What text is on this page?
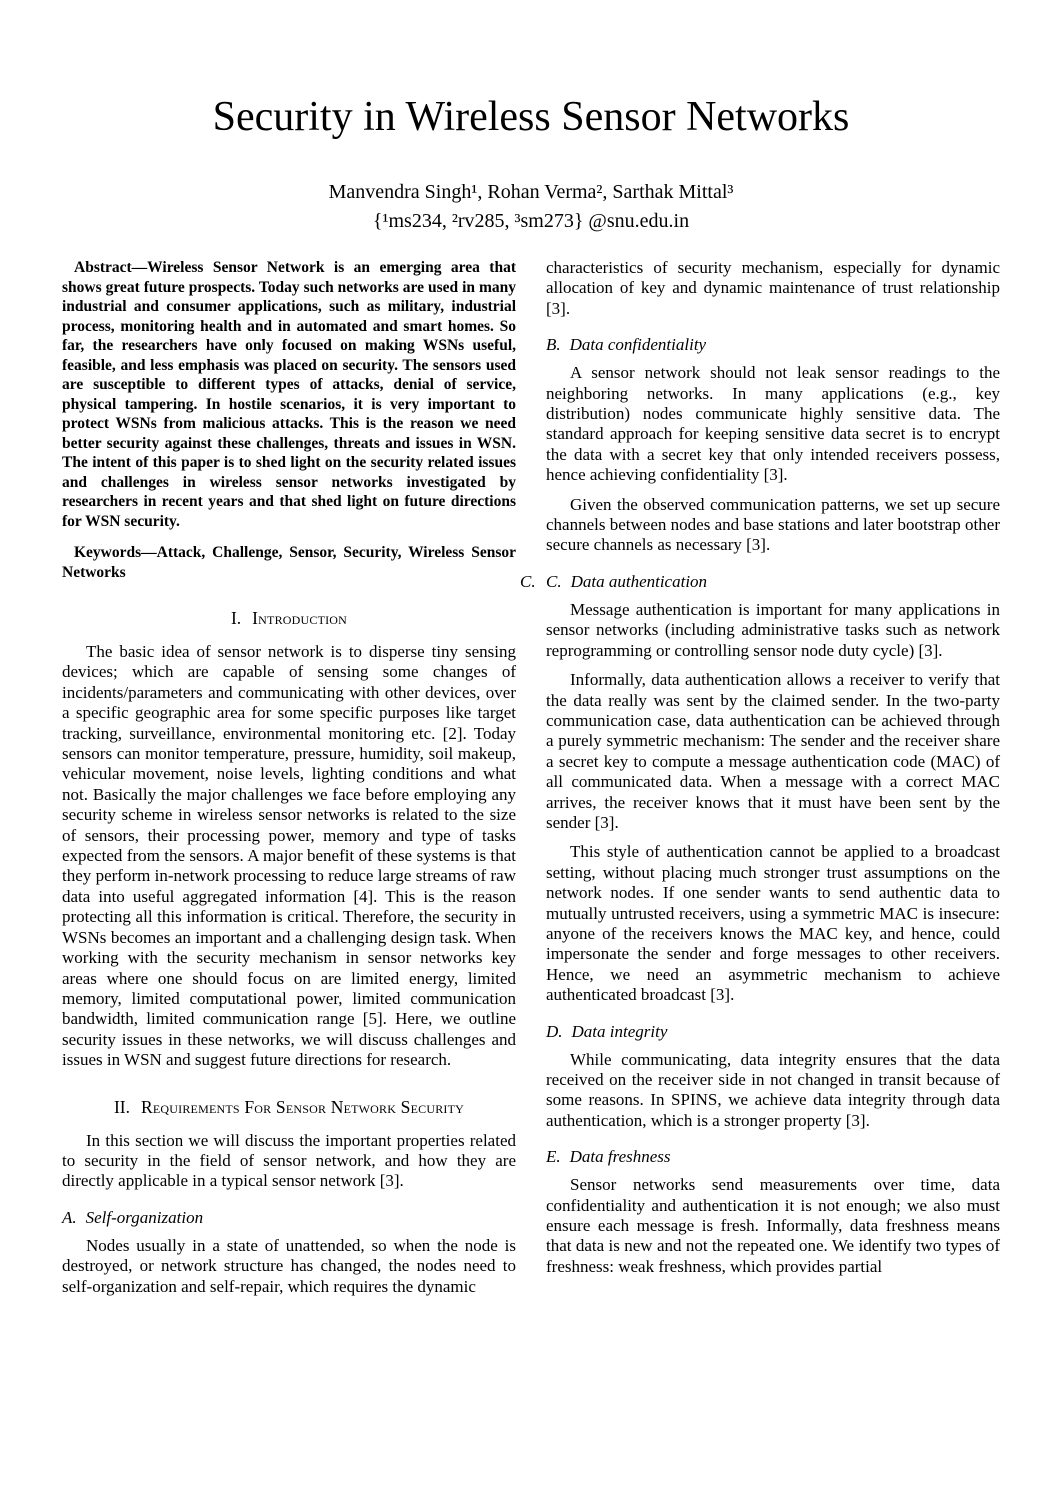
Security in Wireless Sensor Networks
Manvendra Singh¹, Rohan Verma², Sarthak Mittal³
{¹ms234, ²rv285, ³sm273} @snu.edu.in

Abstract—Wireless Sensor Network is an emerging area that shows great future prospects. Today such networks are used in many industrial and consumer applications, such as military, industrial process, monitoring health and in automated and smart homes. So far, the researchers have only focused on making WSNs useful, feasible, and less emphasis was placed on security. The sensors used are susceptible to different types of attacks, denial of service, physical tampering. In hostile scenarios, it is very important to protect WSNs from malicious attacks. This is the reason we need better security against these challenges, threats and issues in WSN. The intent of this paper is to shed light on the security related issues and challenges in wireless sensor networks investigated by researchers in recent years and that shed light on future directions for WSN security.

Keywords—Attack, Challenge, Sensor, Security, Wireless Sensor Networks

I. Introduction

The basic idea of sensor network is to disperse tiny sensing devices; which are capable of sensing some changes of incidents/parameters and communicating with other devices, over a specific geographic area for some specific purposes like target tracking, surveillance, environmental monitoring etc. [2]. Today sensors can monitor temperature, pressure, humidity, soil makeup, vehicular movement, noise levels, lighting conditions and what not. Basically the major challenges we face before employing any security scheme in wireless sensor networks is related to the size of sensors, their processing power, memory and type of tasks expected from the sensors. A major benefit of these systems is that they perform in-network processing to reduce large streams of raw data into useful aggregated information [4]. This is the reason protecting all this information is critical. Therefore, the security in WSNs becomes an important and a challenging design task. When working with the security mechanism in sensor networks key areas where one should focus on are limited energy, limited memory, limited computational power, limited communication bandwidth, limited communication range [5]. Here, we outline security issues in these networks, we will discuss challenges and issues in WSN and suggest future directions for research.

II. Requirements For Sensor Network Security

In this section we will discuss the important properties related to security in the field of sensor network, and how they are directly applicable in a typical sensor network [3].

A. Self-organization

Nodes usually in a state of unattended, so when the node is destroyed, or network structure has changed, the nodes need to self-organization and self-repair, which requires the dynamic

characteristics of security mechanism, especially for dynamic allocation of key and dynamic maintenance of trust relationship [3].

B. Data confidentiality

A sensor network should not leak sensor readings to the neighboring networks. In many applications (e.g., key distribution) nodes communicate highly sensitive data. The standard approach for keeping sensitive data secret is to encrypt the data with a secret key that only intended receivers possess, hence achieving confidentiality [3].

Given the observed communication patterns, we set up secure channels between nodes and base stations and later bootstrap other secure channels as necessary [3].

C. C. Data authentication

Message authentication is important for many applications in sensor networks (including administrative tasks such as network reprogramming or controlling sensor node duty cycle) [3].

Informally, data authentication allows a receiver to verify that the data really was sent by the claimed sender. In the two-party communication case, data authentication can be achieved through a purely symmetric mechanism: The sender and the receiver share a secret key to compute a message authentication code (MAC) of all communicated data. When a message with a correct MAC arrives, the receiver knows that it must have been sent by the sender [3].

This style of authentication cannot be applied to a broadcast setting, without placing much stronger trust assumptions on the network nodes. If one sender wants to send authentic data to mutually untrusted receivers, using a symmetric MAC is insecure: anyone of the receivers knows the MAC key, and hence, could impersonate the sender and forge messages to other receivers. Hence, we need an asymmetric mechanism to achieve authenticated broadcast [3].

D. Data integrity

While communicating, data integrity ensures that the data received on the receiver side in not changed in transit because of some reasons. In SPINS, we achieve data integrity through data authentication, which is a stronger property [3].

E. Data freshness

Sensor networks send measurements over time, data confidentiality and authentication it is not enough; we also must ensure each message is fresh. Informally, data freshness means that data is new and not the repeated one. We identify two types of freshness: weak freshness, which provides partial
